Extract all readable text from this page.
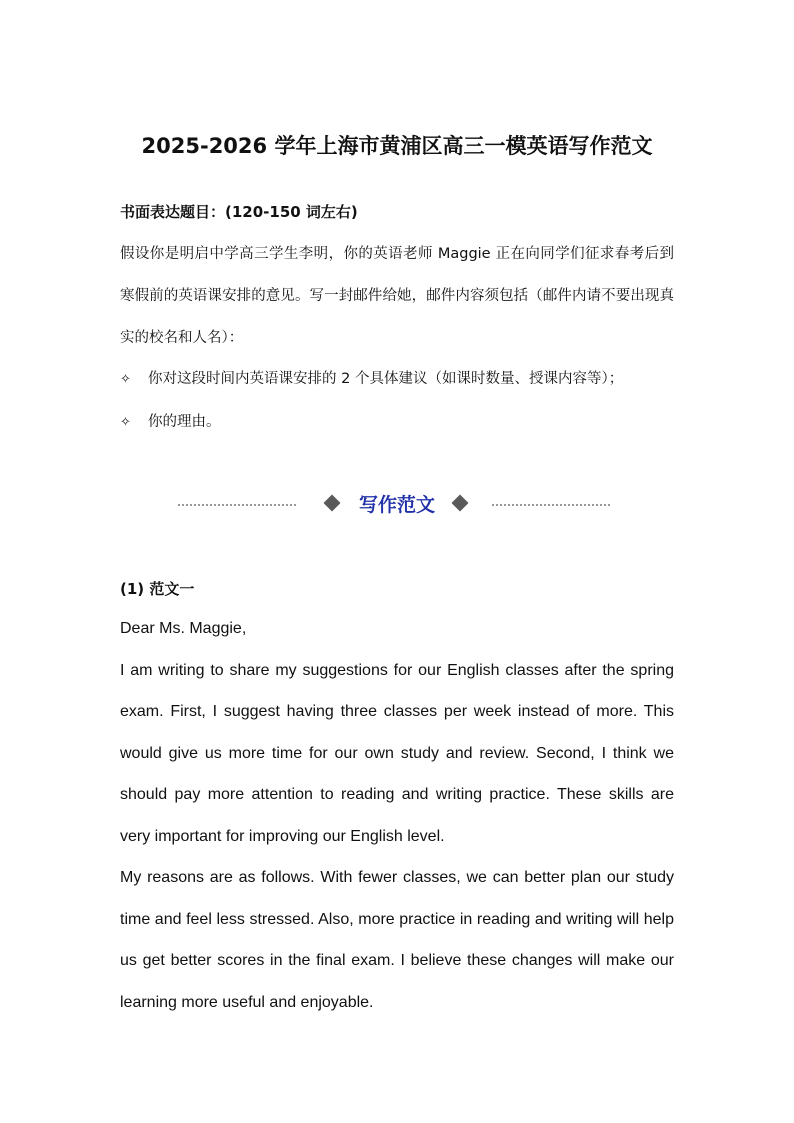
2025-2026 学年上海市黄浦区高三一模英语写作范文
书面表达题目：(120-150 词左右)

假设你是明启中学高三学生李明，你的英语老师 Maggie 正在向同学们征求春考后到寒假前的英语课安排的意见。写一封邮件给她，邮件内容须包括（邮件内请不要出现真实的校名和人名）：

✧	你对这段时间内英语课安排的 2 个具体建议（如课时数量、授课内容等）；
✧	你的理由。
写作范文
(1) 范文一

Dear Ms. Maggie,

I am writing to share my suggestions for our English classes after the spring exam. First, I suggest having three classes per week instead of more. This would give us more time for our own study and review. Second, I think we should pay more attention to reading and writing practice. These skills are very important for improving our English level.

My reasons are as follows. With fewer classes, we can better plan our study time and feel less stressed. Also, more practice in reading and writing will help us get better scores in the final exam. I believe these changes will make our learning more useful and enjoyable.
